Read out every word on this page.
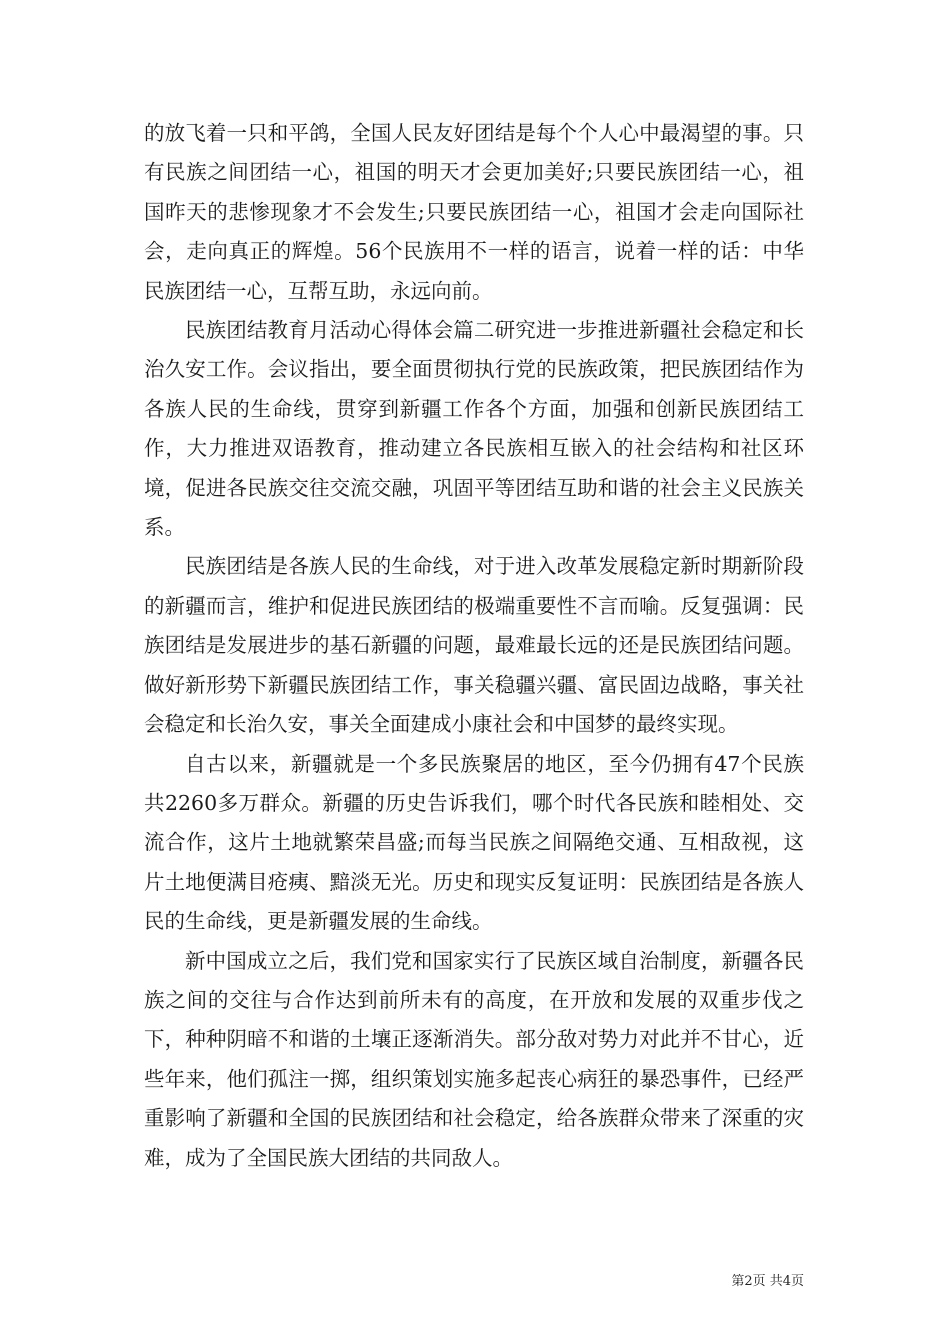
的放飞着一只和平鸽，全国人民友好团结是每个个人心中最渴望的事。只有民族之间团结一心，祖国的明天才会更加美好;只要民族团结一心，祖国昨天的悲惨现象才不会发生;只要民族团结一心，祖国才会走向国际社会，走向真正的辉煌。56个民族用不一样的语言，说着一样的话：中华民族团结一心，互帮互助，永远向前。

民族团结教育月活动心得体会篇二研究进一步推进新疆社会稳定和长治久安工作。会议指出，要全面贯彻执行党的民族政策，把民族团结作为各族人民的生命线，贯穿到新疆工作各个方面，加强和创新民族团结工作，大力推进双语教育，推动建立各民族相互嵌入的社会结构和社区环境，促进各民族交往交流交融，巩固平等团结互助和谐的社会主义民族关系。

民族团结是各族人民的生命线，对于进入改革发展稳定新时期新阶段的新疆而言，维护和促进民族团结的极端重要性不言而喻。反复强调：民族团结是发展进步的基石新疆的问题，最难最长远的还是民族团结问题。做好新形势下新疆民族团结工作，事关稳疆兴疆、富民固边战略，事关社会稳定和长治久安，事关全面建成小康社会和中国梦的最终实现。

自古以来，新疆就是一个多民族聚居的地区，至今仍拥有47个民族共2260多万群众。新疆的历史告诉我们，哪个时代各民族和睦相处、交流合作，这片土地就繁荣昌盛;而每当民族之间隔绝交通、互相敌视，这片土地便满目疮痍、黯淡无光。历史和现实反复证明：民族团结是各族人民的生命线，更是新疆发展的生命线。

新中国成立之后，我们党和国家实行了民族区域自治制度，新疆各民族之间的交往与合作达到前所未有的高度，在开放和发展的双重步伐之下，种种阴暗不和谐的土壤正逐渐消失。部分敌对势力对此并不甘心，近些年来，他们孤注一掷，组织策划实施多起丧心病狂的暴恐事件，已经严重影响了新疆和全国的民族团结和社会稳定，给各族群众带来了深重的灾难，成为了全国民族大团结的共同敌人。

第2页 共4页
